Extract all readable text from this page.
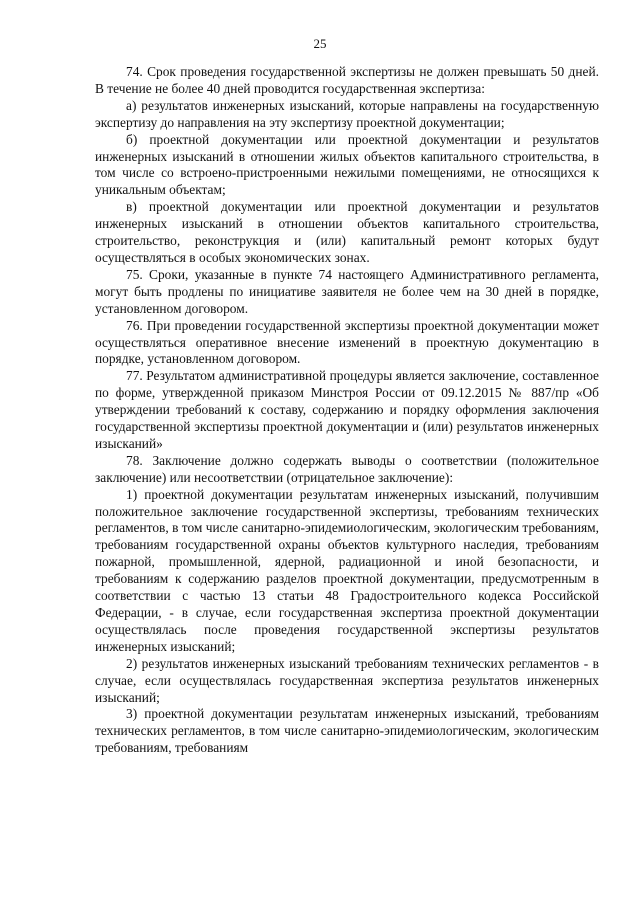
25

74. Срок проведения государственной экспертизы не должен превышать 50 дней. В течение не более 40 дней проводится государственная экспертиза:

а) результатов инженерных изысканий, которые направлены на государственную экспертизу до направления на эту экспертизу проектной документации;

б) проектной документации или проектной документации и результатов инженерных изысканий в отношении жилых объектов капитального строительства, в том числе со встроено-пристроенными нежилыми помещениями, не относящихся к уникальным объектам;

в) проектной документации или проектной документации и результатов инженерных изысканий в отношении объектов капитального строительства, строительство, реконструкция и (или) капитальный ремонт которых будут осуществляться в особых экономических зонах.

75. Сроки, указанные в пункте 74 настоящего Административного регламента, могут быть продлены по инициативе заявителя не более чем на 30 дней в порядке, установленном договором.

76. При проведении государственной экспертизы проектной документации может осуществляться оперативное внесение изменений в проектную документацию в порядке, установленном договором.

77. Результатом административной процедуры является заключение, составленное по форме, утвержденной приказом Минстроя России от 09.12.2015 № 887/пр «Об утверждении требований к составу, содержанию и порядку оформления заключения государственной экспертизы проектной документации и (или) результатов инженерных изысканий»

78. Заключение должно содержать выводы о соответствии (положительное заключение) или несоответствии (отрицательное заключение):

1) проектной документации результатам инженерных изысканий, получившим положительное заключение государственной экспертизы, требованиям технических регламентов, в том числе санитарно-эпидемиологическим, экологическим требованиям, требованиям государственной охраны объектов культурного наследия, требованиям пожарной, промышленной, ядерной, радиационной и иной безопасности, и требованиям к содержанию разделов проектной документации, предусмотренным в соответствии с частью 13 статьи 48 Градостроительного кодекса Российской Федерации, - в случае, если государственная экспертиза проектной документации осуществлялась после проведения государственной экспертизы результатов инженерных изысканий;

2) результатов инженерных изысканий требованиям технических регламентов - в случае, если осуществлялась государственная экспертиза результатов инженерных изысканий;

3) проектной документации результатам инженерных изысканий, требованиям технических регламентов, в том числе санитарно-эпидемиологическим, экологическим требованиям, требованиям
